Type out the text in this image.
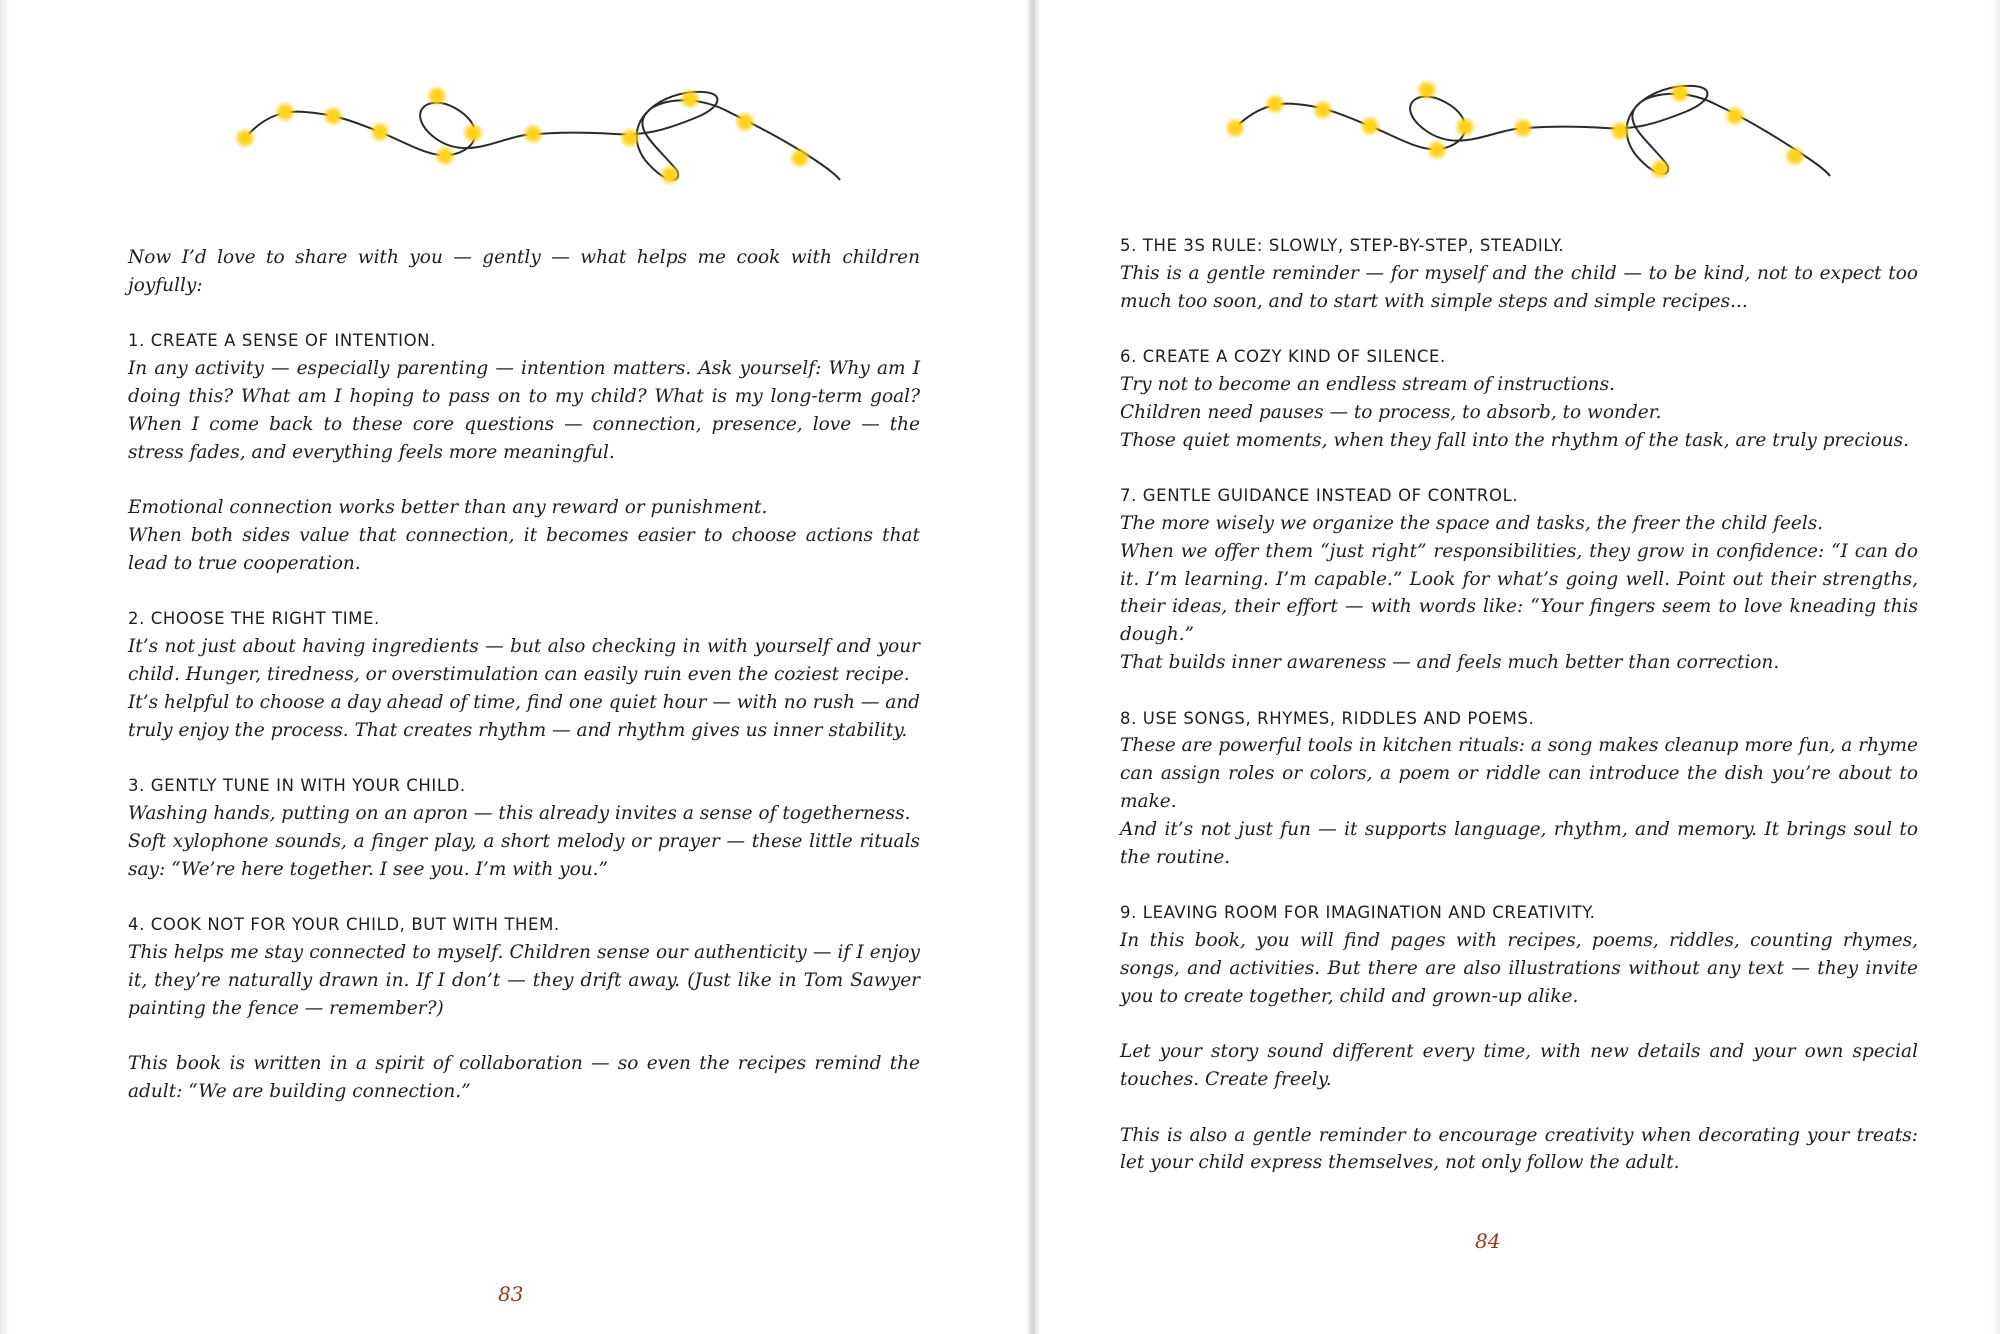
Now I’d love to share with you — gently — what helps me cook with children joyfully:

1. CREATE A SENSE OF INTENTION.

In any activity — especially parenting — intention matters. Ask yourself: Why am I doing this? What am I hoping to pass on to my child? What is my long-term goal? When I come back to these core questions — connection, presence, love — the stress fades, and everything feels more meaningful.

Emotional connection works better than any reward or punishment.

When both sides value that connection, it becomes easier to choose actions that lead to true cooperation.

2. CHOOSE THE RIGHT TIME.

It’s not just about having ingredients — but also checking in with yourself and your child. Hunger, tiredness, or overstimulation can easily ruin even the coziest recipe.

It’s helpful to choose a day ahead of time, find one quiet hour — with no rush — and truly enjoy the process. That creates rhythm — and rhythm gives us inner stability.

3. GENTLY TUNE IN WITH YOUR CHILD.

Washing hands, putting on an apron — this already invites a sense of togetherness.

Soft xylophone sounds, a finger play, a short melody or prayer — these little rituals say: “We’re here together. I see you. I’m with you.”

4. COOK NOT FOR YOUR CHILD, BUT WITH THEM.

This helps me stay connected to myself. Children sense our authenticity — if I enjoy it, they’re naturally drawn in. If I don’t — they drift away. (Just like in Tom Sawyer painting the fence — remember?)

This book is written in a spirit of collaboration — so even the recipes remind the adult: “We are building connection.”

83

5. THE 3S RULE: SLOWLY, STEP-BY-STEP, STEADILY.

This is a gentle reminder — for myself and the child — to be kind, not to expect too much too soon, and to start with simple steps and simple recipes...

6. CREATE A COZY KIND OF SILENCE.

Try not to become an endless stream of instructions.

Children need pauses — to process, to absorb, to wonder.

Those quiet moments, when they fall into the rhythm of the task, are truly precious.

7. GENTLE GUIDANCE INSTEAD OF CONTROL.

The more wisely we organize the space and tasks, the freer the child feels.

When we offer them “just right” responsibilities, they grow in confidence: “I can do it. I’m learning. I’m capable.” Look for what’s going well. Point out their strengths, their ideas, their effort — with words like: “Your fingers seem to love kneading this dough.”

That builds inner awareness — and feels much better than correction.

8. USE SONGS, RHYMES, RIDDLES AND POEMS.

These are powerful tools in kitchen rituals: a song makes cleanup more fun, a rhyme can assign roles or colors, a poem or riddle can introduce the dish you’re about to make.

And it’s not just fun — it supports language, rhythm, and memory. It brings soul to the routine.

9. LEAVING ROOM FOR IMAGINATION AND CREATIVITY.

In this book, you will find pages with recipes, poems, riddles, counting rhymes, songs, and activities. But there are also illustrations without any text — they invite you to create together, child and grown-up alike.

Let your story sound different every time, with new details and your own special touches. Create freely.

This is also a gentle reminder to encourage creativity when decorating your treats: let your child express themselves, not only follow the adult.

84
